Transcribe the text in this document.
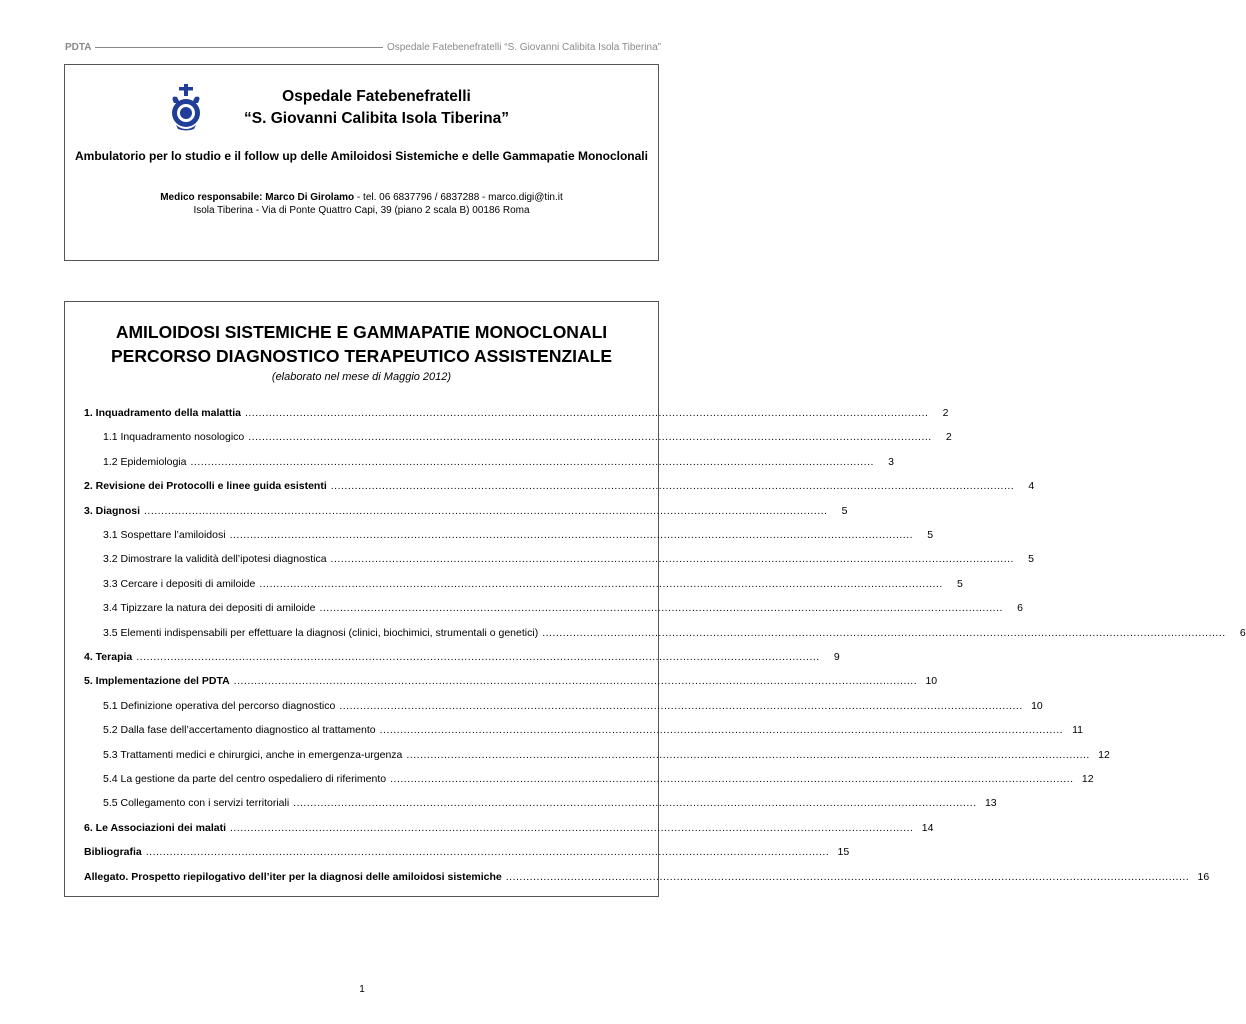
PDTA	Ospedale Fatebenefratelli “S. Giovanni Calibita Isola Tiberina”
Ospedale Fatebenefratelli
“S. Giovanni Calibita Isola Tiberina”
Ambulatorio per lo studio e il follow up delle Amiloidosi Sistemiche e delle Gammapatie Monoclonali
Medico responsabile: Marco Di Girolamo - tel. 06 6837796 / 6837288 - marco.digi@tin.it
Isola Tiberina - Via di Ponte Quattro Capi, 39 (piano 2 scala B) 00186 Roma
AMILOIDOSI SISTEMICHE E GAMMAPATIE MONOCLONALI
PERCORSO DIAGNOSTICO TERAPEUTICO ASSISTENZIALE
(elaborato nel mese di Maggio 2012)
1. Inquadramento della malattia ........................................................................................................................................................................................................	2
1.1 Inquadramento nosologico ........................................................................................................................................................................................................	2
1.2 Epidemiologia ........................................................................................................................................................................................................	3
2. Revisione dei Protocolli e linee guida esistenti ........................................................................................................................................................................................................	4
3. Diagnosi ........................................................................................................................................................................................................	5
3.1 Sospettare l’amiloidosi ........................................................................................................................................................................................................	5
3.2 Dimostrare la validità dell’ipotesi diagnostica ........................................................................................................................................................................................................	5
3.3 Cercare i depositi di amiloide ........................................................................................................................................................................................................	5
3.4 Tipizzare la natura dei depositi di amiloide ........................................................................................................................................................................................................	6
3.5 Elementi indispensabili per effettuare la diagnosi (clinici, biochimici, strumentali o genetici) ........................................................................................................................................................................................................	6
4. Terapia ........................................................................................................................................................................................................	9
5. Implementazione del PDTA ........................................................................................................................................................................................................ 10
5.1 Definizione operativa del percorso diagnostico ........................................................................................................................................................................................................ 10
5.2 Dalla fase dell’accertamento diagnostico al trattamento ........................................................................................................................................................................................................ 11
5.3 Trattamenti medici e chirurgici, anche in emergenza-urgenza ........................................................................................................................................................................................................ 12
5.4 La gestione da parte del centro ospedaliero di riferimento ........................................................................................................................................................................................................ 12
5.5 Collegamento con i servizi territoriali ........................................................................................................................................................................................................ 13
6. Le Associazioni dei malati ........................................................................................................................................................................................................ 14
Bibliografia ........................................................................................................................................................................................................ 15
Allegato. Prospetto riepilogativo dell’iter per la diagnosi delle amiloidosi sistemiche ........................................................................................................................................................................................................ 16
1
